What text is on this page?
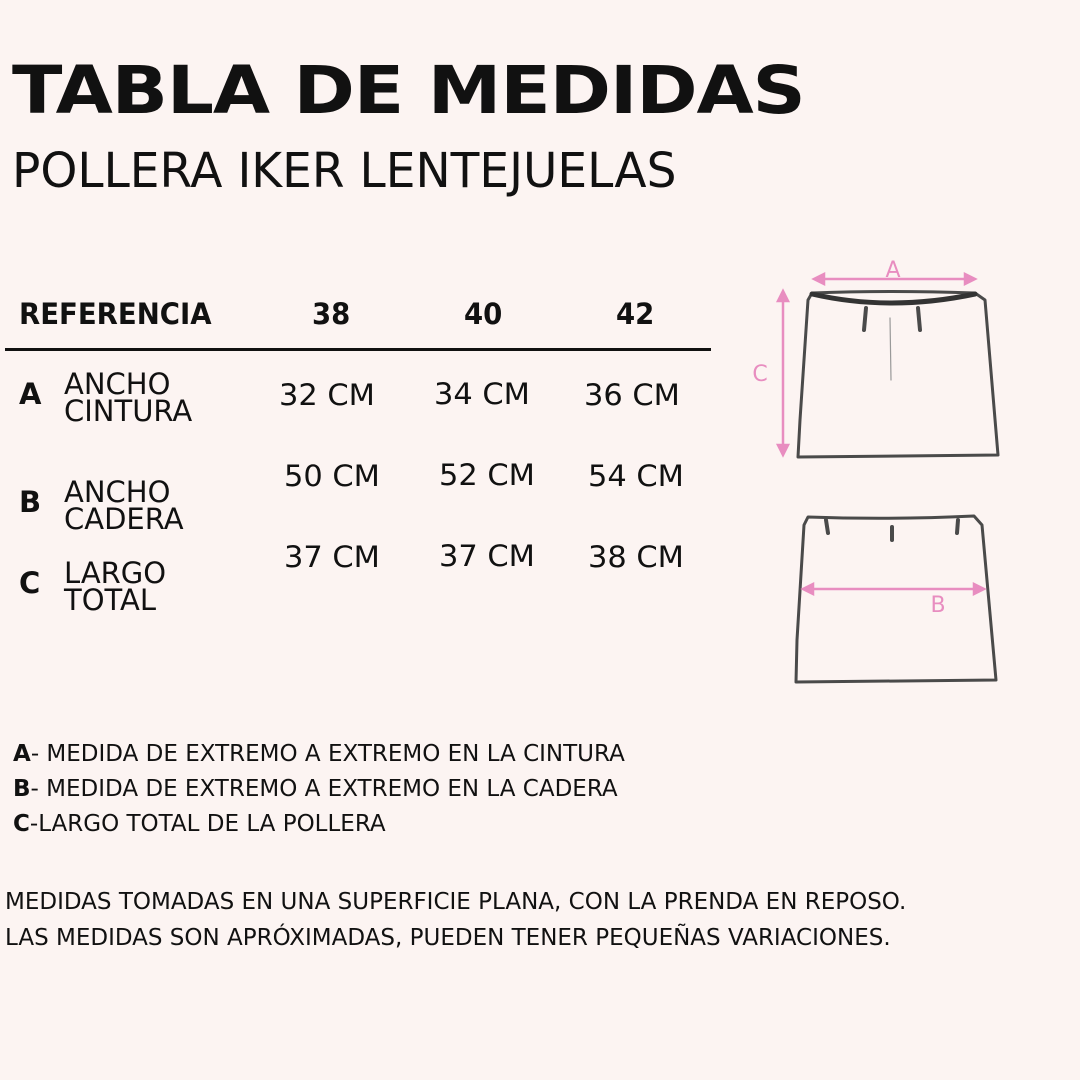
TABLA DE MEDIDAS
POLLERA IKER LENTEJUELAS
REFERENCIA	38	40	42
A ANCHO
CINTURA	32 CM 34 CM 36 CM
B ANCHO
CADERA
50 CM 52 CM 54 CM
C LARGO
TOTAL
37 CM 37 CM 38 CM
A
C
B
A- MEDIDA DE EXTREMO A EXTREMO EN LA CINTURA
B- MEDIDA DE EXTREMO A EXTREMO EN LA CADERA
C-LARGO TOTAL DE LA POLLERA
MEDIDAS TOMADAS EN UNA SUPERFICIE PLANA, CON LA PRENDA EN REPOSO.
LAS MEDIDAS SON APRÓXIMADAS, PUEDEN TENER PEQUEÑAS VARIACIONES.
